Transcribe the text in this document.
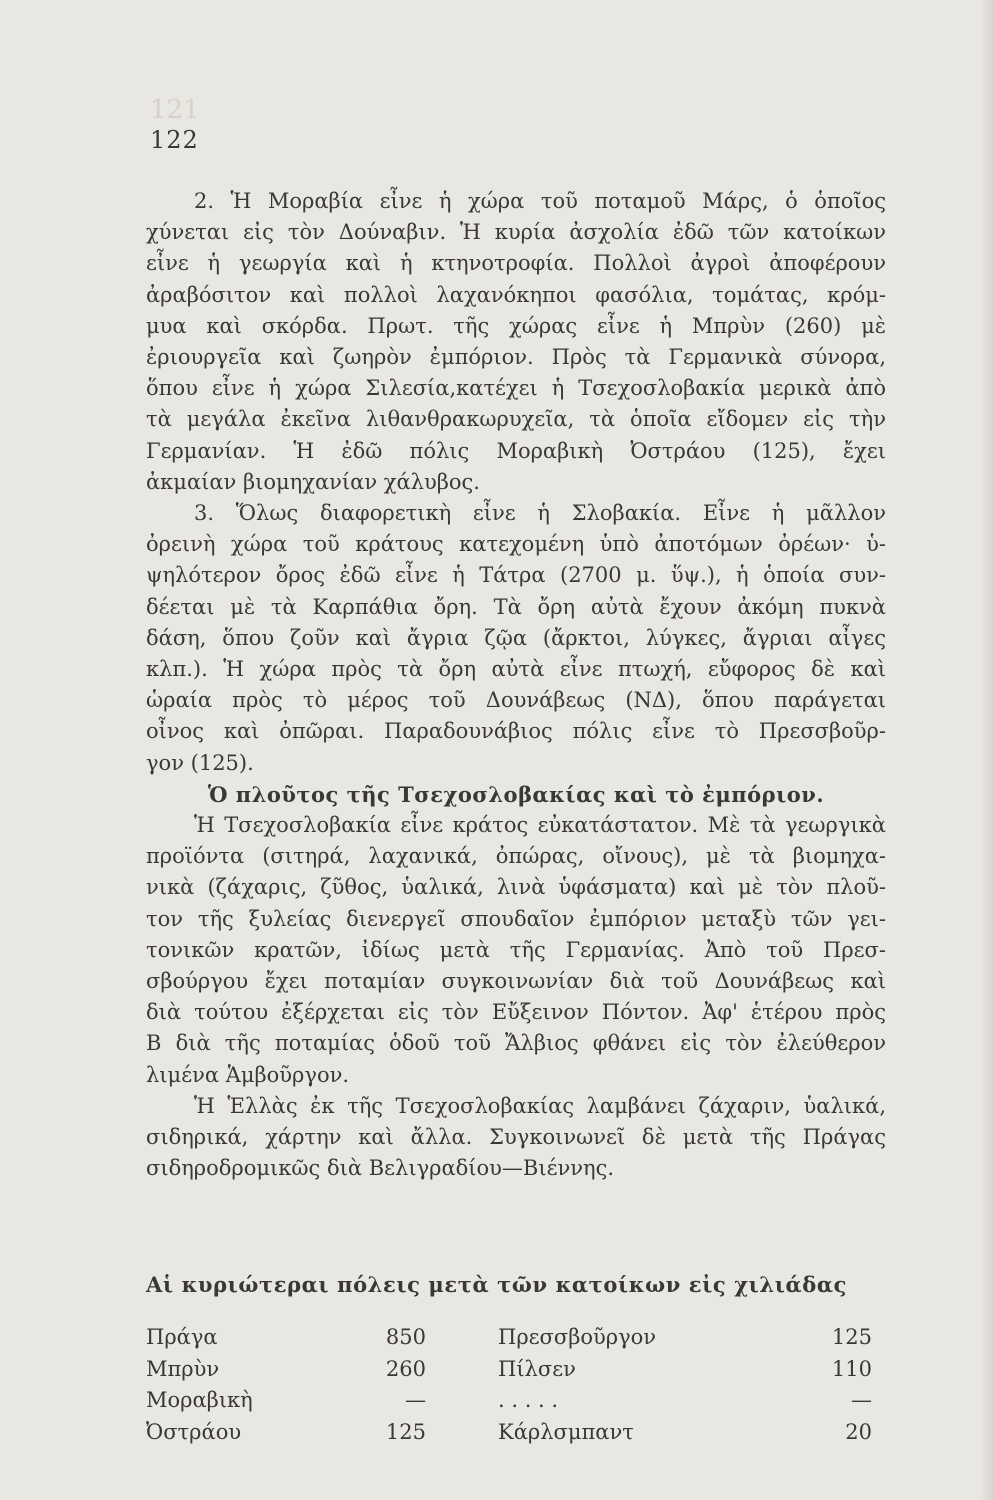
121
122
2. Ἡ Μοραβία εἶνε ἡ χώρα τοῦ ποταμοῦ Μάρς, ὁ ὁποῖος
χύνεται εἰς τὸν Δούναβιν. Ἡ κυρία ἀσχολία ἐδῶ τῶν κατοίκων
εἶνε ἡ γεωργία καὶ ἡ κτηνοτροφία. Πολλοὶ ἀγροὶ ἀποφέρουν
ἀραβόσιτον καὶ πολλοὶ λαχανόκηποι φασόλια, τομάτας, κρόμ-
μυα καὶ σκόρδα. Πρωτ. τῆς χώρας εἶνε ἡ Μπρὺν (260) μὲ
ἐριουργεῖα καὶ ζωηρὸν ἐμπόριον. Πρὸς τὰ Γερμανικὰ σύνορα,
ὅπου εἶνε ἡ χώρα Σιλεσία,κατέχει ἡ Τσεχοσλοβακία μερικὰ ἀπὸ
τὰ μεγάλα ἐκεῖνα λιθανθρακωρυχεῖα, τὰ ὁποῖα εἴδομεν εἰς τὴν
Γερμανίαν. Ἡ ἐδῶ πόλις Μοραβικὴ Ὀστράου (125), ἔχει
ἀκμαίαν βιομηχανίαν χάλυβος.
3. Ὅλως διαφορετικὴ εἶνε ἡ Σλοβακία. Εἶνε ἡ μᾶλλον
ὀρεινὴ χώρα τοῦ κράτους κατεχομένη ὑπὸ ἀποτόμων ὀρέων· ὑ-
ψηλότερον ὄρος ἐδῶ εἶνε ἡ Τάτρα (2700 μ. ὕψ.), ἡ ὁποία συν-
δέεται μὲ τὰ Καρπάθια ὄρη. Τὰ ὄρη αὐτὰ ἔχουν ἀκόμη πυκνὰ
δάση, ὅπου ζοῦν καὶ ἄγρια ζῷα (ἄρκτοι, λύγκες, ἄγριαι αἶγες
κλπ.). Ἡ χώρα πρὸς τὰ ὄρη αὐτὰ εἶνε πτωχή, εὔφορος δὲ καὶ
ὡραία πρὸς τὸ μέρος τοῦ Δουνάβεως (ΝΔ), ὅπου παράγεται
οἶνος καὶ ὀπῶραι. Παραδουνάβιος πόλις εἶνε τὸ Πρεσσβοῦρ-
γον (125).
Ὁ πλοῦτος τῆς Τσεχοσλοβακίας καὶ τὸ ἐμπόριον.
Ἡ Τσεχοσλοβακία εἶνε κράτος εὐκατάστατον. Μὲ τὰ γεωργικὰ
προϊόντα (σιτηρά, λαχανικά, ὀπώρας, οἴνους), μὲ τὰ βιομηχα-
νικὰ (ζάχαρις, ζῦθος, ὑαλικά, λινὰ ὑφάσματα) καὶ μὲ τὸν πλοῦ-
τον τῆς ξυλείας διενεργεῖ σπουδαῖον ἐμπόριον μεταξὺ τῶν γει-
τονικῶν κρατῶν, ἰδίως μετὰ τῆς Γερμανίας. Ἀπὸ τοῦ Πρεσ-
σβούργου ἔχει ποταμίαν συγκοινωνίαν διὰ τοῦ Δουνάβεως καὶ
διὰ τούτου ἐξέρχεται εἰς τὸν Εὔξεινον Πόντον. Ἀφ' ἑτέρου πρὸς
Β διὰ τῆς ποταμίας ὁδοῦ τοῦ Ἄλβιος φθάνει εἰς τὸν ἐλεύθερον
λιμένα Ἁμβοῦργον.
Ἡ Ἑλλὰς ἐκ τῆς Τσεχοσλοβακίας λαμβάνει ζάχαριν, ὑαλικά,
σιδηρικά, χάρτην καὶ ἄλλα. Συγκοινωνεῖ δὲ μετὰ τῆς Πράγας
σιδηροδρομικῶς διὰ Βελιγραδίου—Βιέννης.
Αἱ κυριώτεραι πόλεις μετὰ τῶν κατοίκων εἰς χιλιάδας
Πράγα	850	Πρεσσβοῦργον	125
Μπρὺν	260	Πίλσεν	110
Μοραβικὴ	—	. . . . .	—
Ὀστράου	125	Κάρλσμπαντ	20
